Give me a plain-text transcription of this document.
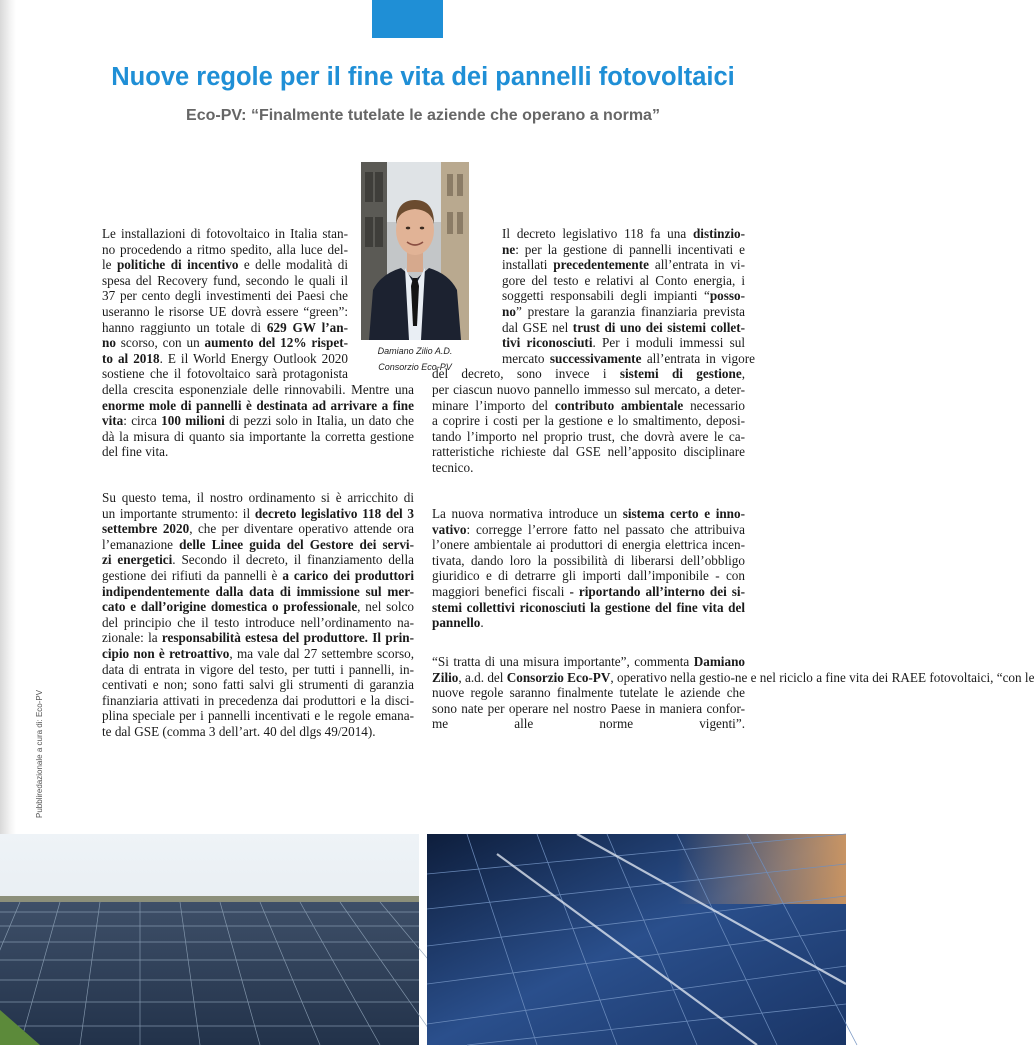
Nuove regole per il fine vita dei pannelli fotovoltaici
Eco-PV: “Finalmente tutelate le aziende che operano a norma”
Pubbliredazionale a cura di: Eco-PV
Damiano Zilio A.D.
Consorzio Eco-PV
Le installazioni di fotovoltaico in Italia stan-
no procedendo a ritmo spedito, alla luce del-
le politiche di incentivo e delle modalità di
spesa del Recovery fund, secondo le quali il
37 per cento degli investimenti dei Paesi che
useranno le risorse UE dovrà essere “green”:
hanno raggiunto un totale di 629 GW l’an-
no scorso, con un aumento del 12% rispet-
to al 2018. E il World Energy Outlook 2020
sostiene che il fotovoltaico sarà protagonista
della crescita esponenziale delle rinnovabili. Mentre una
enorme mole di pannelli è destinata ad arrivare a fine
vita: circa 100 milioni di pezzi solo in Italia, un dato che
dà la misura di quanto sia importante la corretta gestione
del fine vita.
Su questo tema, il nostro ordinamento si è arricchito di
un importante strumento: il decreto legislativo 118 del 3
settembre 2020, che per diventare operativo attende ora
l’emanazione delle Linee guida del Gestore dei servi-
zi energetici. Secondo il decreto, il finanziamento della
gestione dei rifiuti da pannelli è a carico dei produttori
indipendentemente dalla data di immissione sul mer-
cato e dall’origine domestica o professionale, nel solco
del principio che il testo introduce nell’ordinamento na-
zionale: la responsabilità estesa del produttore. Il prin-
cipio non è retroattivo, ma vale dal 27 settembre scorso,
data di entrata in vigore del testo, per tutti i pannelli, in-
centivati e non; sono fatti salvi gli strumenti di garanzia
finanziaria attivati in precedenza dai produttori e la disci-
plina speciale per i pannelli incentivati e le regole emana-
te dal GSE (comma 3 dell’art. 40 del dlgs 49/2014).
Il decreto legislativo 118 fa una distinzio-
ne: per la gestione di pannelli incentivati e
installati precedentemente all’entrata in vi-
gore del testo e relativi al Conto energia, i
soggetti responsabili degli impianti “posso-
no” prestare la garanzia finanziaria prevista
dal GSE nel trust di uno dei sistemi collet-
tivi riconosciuti. Per i moduli immessi sul
mercato successivamente all’entrata in vigore
del decreto, sono invece i sistemi di gestione,
per ciascun nuovo pannello immesso sul mercato, a deter-
minare l’importo del contributo ambientale necessario
a coprire i costi per la gestione e lo smaltimento, deposi-
tando l’importo nel proprio trust, che dovrà avere le ca-
ratteristiche richieste dal GSE nell’apposito disciplinare
tecnico.
La nuova normativa introduce un sistema certo e inno-
vativo: corregge l’errore fatto nel passato che attribuiva
l’onere ambientale ai produttori di energia elettrica incen-
tivata, dando loro la possibilità di liberarsi dell’obbligo
giuridico e di detrarre gli importi dall’imponibile - con
maggiori benefici fiscali - riportando all’interno dei si-
stemi collettivi riconosciuti la gestione del fine vita del
pannello.
“Si tratta di una misura importante”, commenta Damiano
Zilio, a.d. del Consorzio Eco-PV, operativo nella gestio-ne e nel riciclo a fine vita dei RAEE fotovoltaici, “con le
nuove regole saranno finalmente tutelate le aziende che
sono nate per operare nel nostro Paese in maniera confor-
me alle norme vigenti”.
